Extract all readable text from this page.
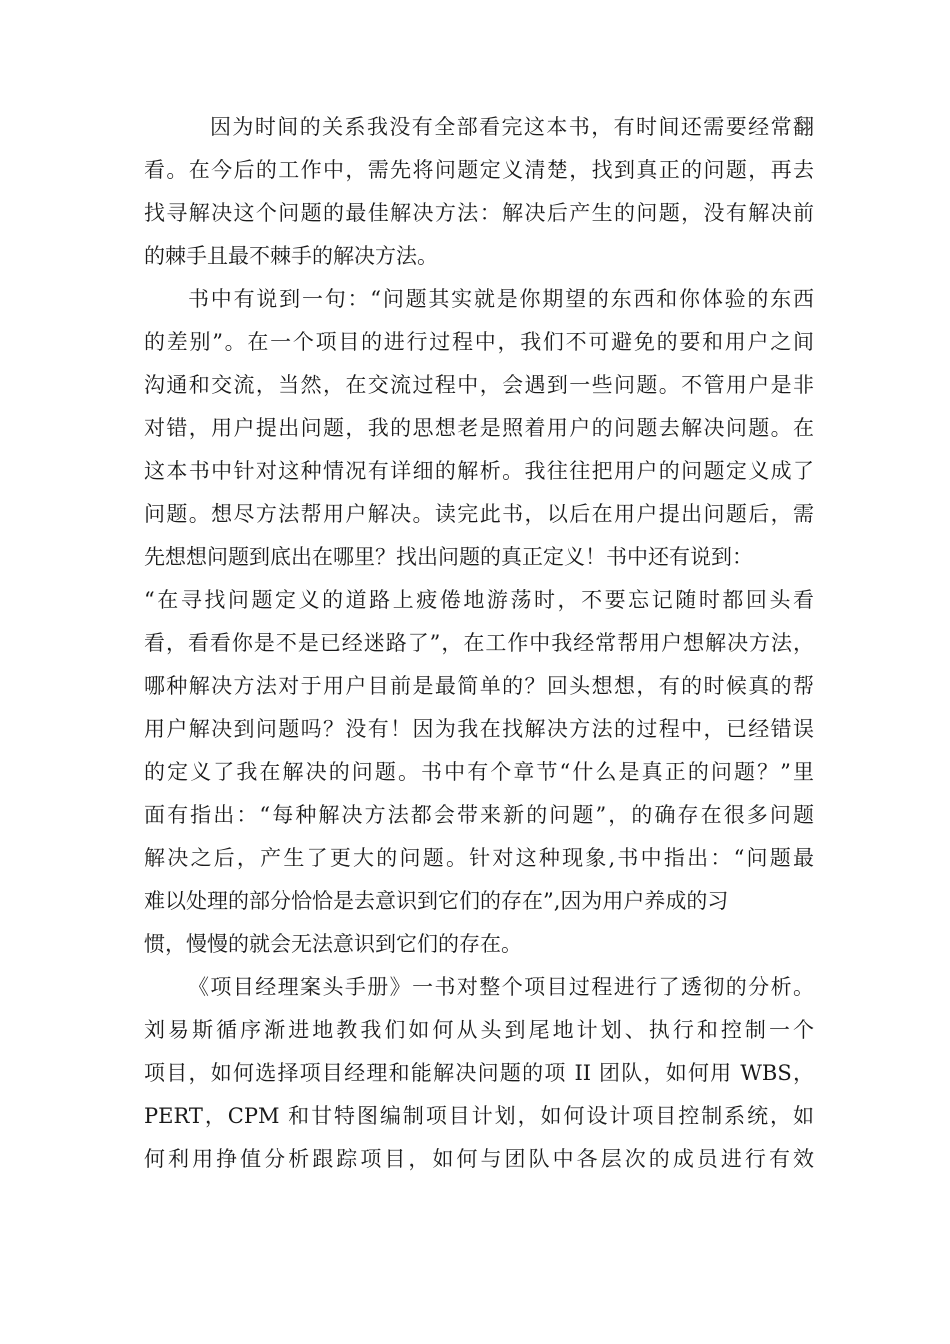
因为时间的关系我没有全部看完这本书，有时间还需要经常翻
看。在今后的工作中，需先将问题定义清楚，找到真正的问题，再去
找寻解决这个问题的最佳解决方法：解决后产生的问题，没有解决前
的棘手且最不棘手的解决方法。
书中有说到一句：“问题其实就是你期望的东西和你体验的东西
的差别”。在一个项目的进行过程中，我们不可避免的要和用户之间
沟通和交流，当然，在交流过程中，会遇到一些问题。不管用户是非
对错，用户提出问题，我的思想老是照着用户的问题去解决问题。在
这本书中针对这种情况有详细的解析。我往往把用户的问题定义成了
问题。想尽方法帮用户解决。读完此书，以后在用户提出问题后，需
先想想问题到底出在哪里？找出问题的真正定义！书中还有说到：
“在寻找问题定义的道路上疲倦地游荡时，不要忘记随时都回头看
看，看看你是不是已经迷路了”，在工作中我经常帮用户想解决方法，
哪种解决方法对于用户目前是最简单的？回头想想，有的时候真的帮
用户解决到问题吗？没有！因为我在找解决方法的过程中，已经错误
的定义了我在解决的问题。书中有个章节“什么是真正的问题？”里
面有指出：“每种解决方法都会带来新的问题”，的确存在很多问题
解决之后，产生了更大的问题。针对这种现象,书中指出：“问题最
难以处理的部分恰恰是去意识到它们的存在”,因为用户养成的习
惯，慢慢的就会无法意识到它们的存在。
《项目经理案头手册》一书对整个项目过程进行了透彻的分析。
刘易斯循序渐进地教我们如何从头到尾地计划、执行和控制一个
项目，如何选择项目经理和能解决问题的项 II 团队，如何用 WBS，
PERT，CPM 和甘特图编制项目计划，如何设计项目控制系统，如
何利用挣值分析跟踪项目，如何与团队中各层次的成员进行有效
